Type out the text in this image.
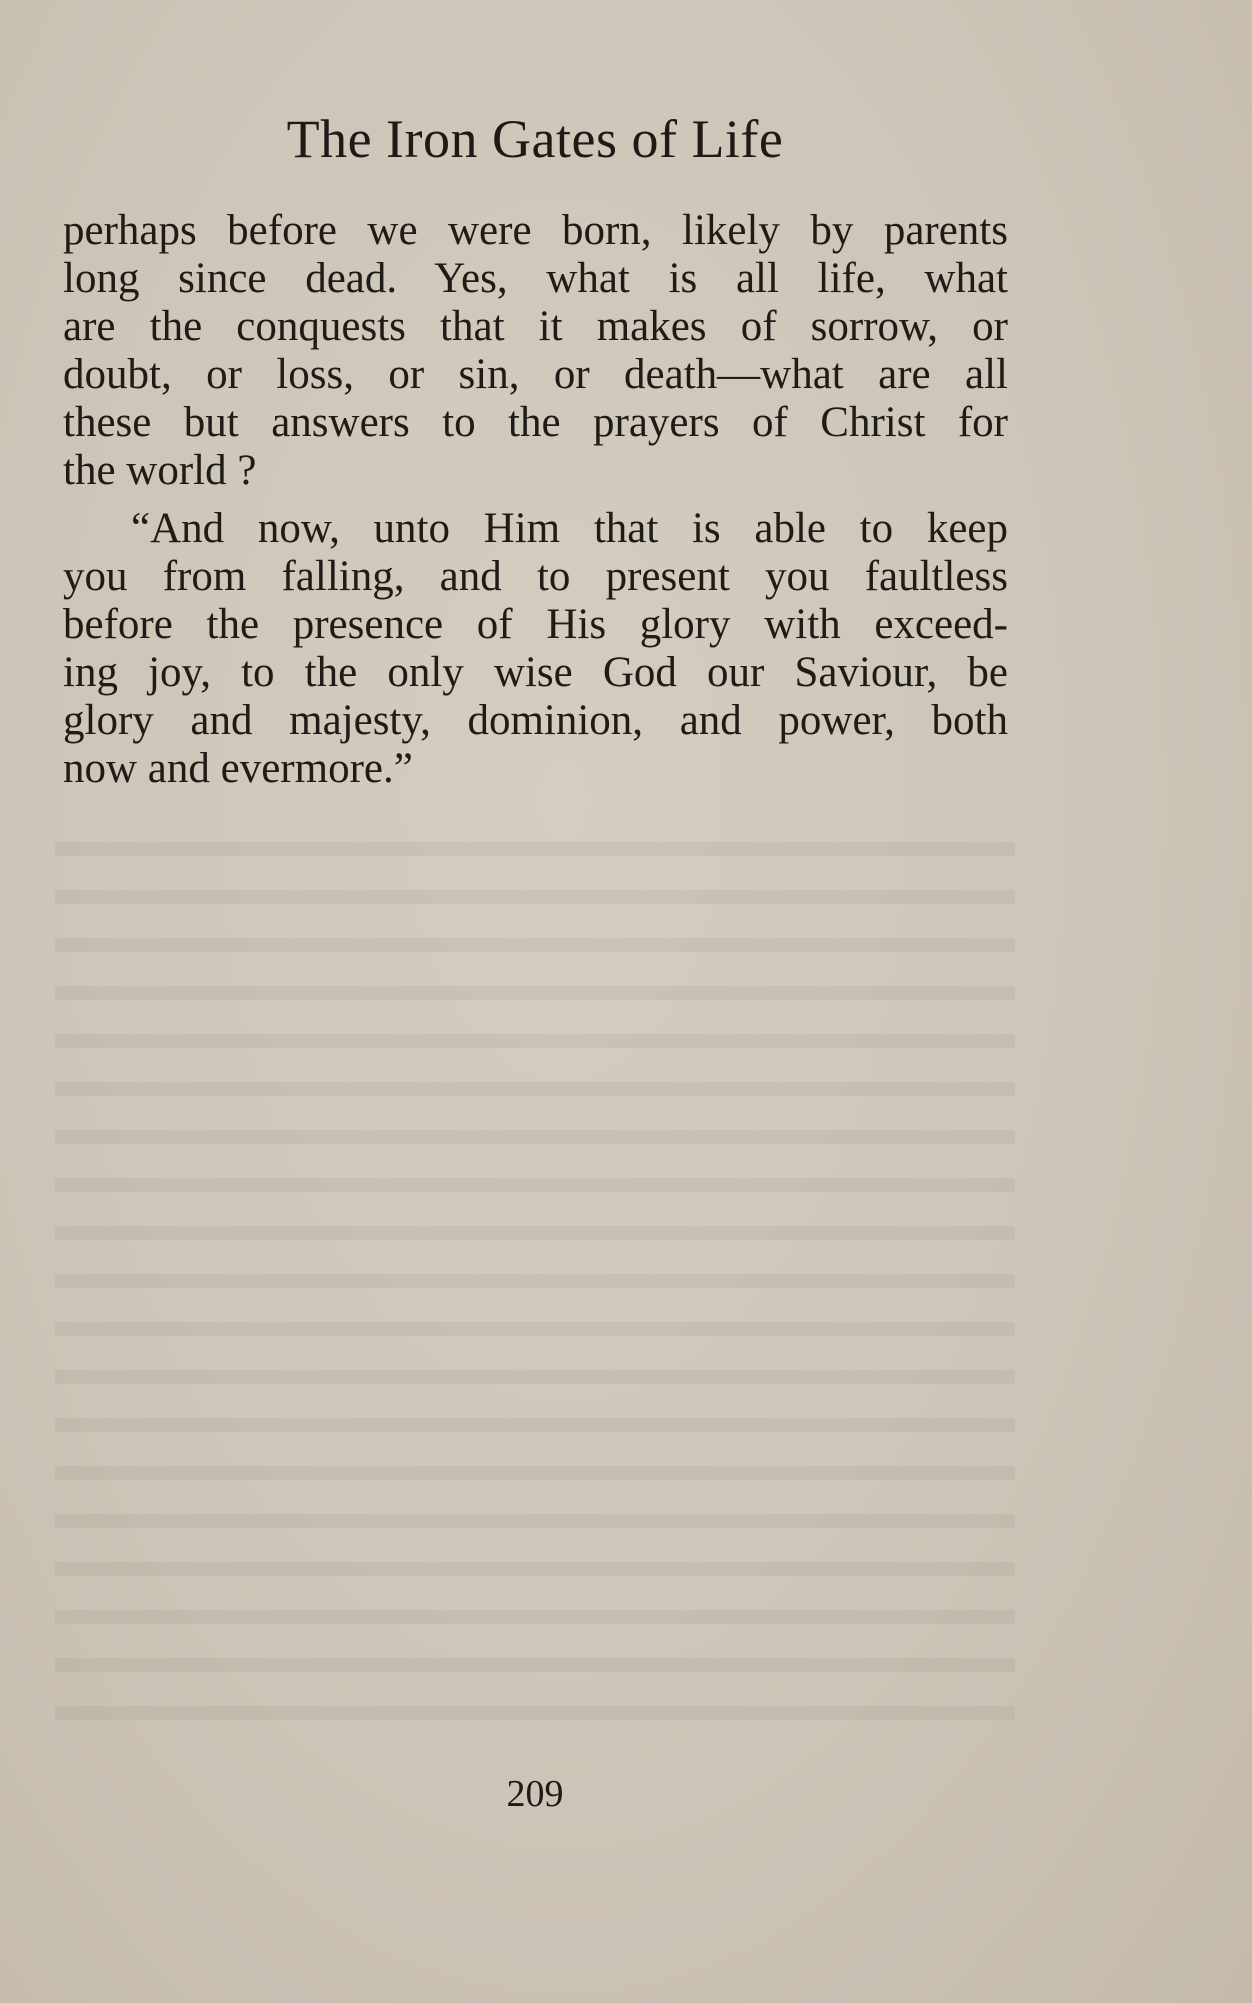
The Iron Gates of Life

perhaps before we were born, likely by parents
long since dead. Yes, what is all life, what
are the conquests that it makes of sorrow, or
doubt, or loss, or sin, or death—what are all
these but answers to the prayers of Christ for
the world ?

“And now, unto Him that is able to keep
you from falling, and to present you faultless
before the presence of His glory with exceed-
ing joy, to the only wise God our Saviour, be
glory and majesty, dominion, and power, both
now and evermore.”

209
